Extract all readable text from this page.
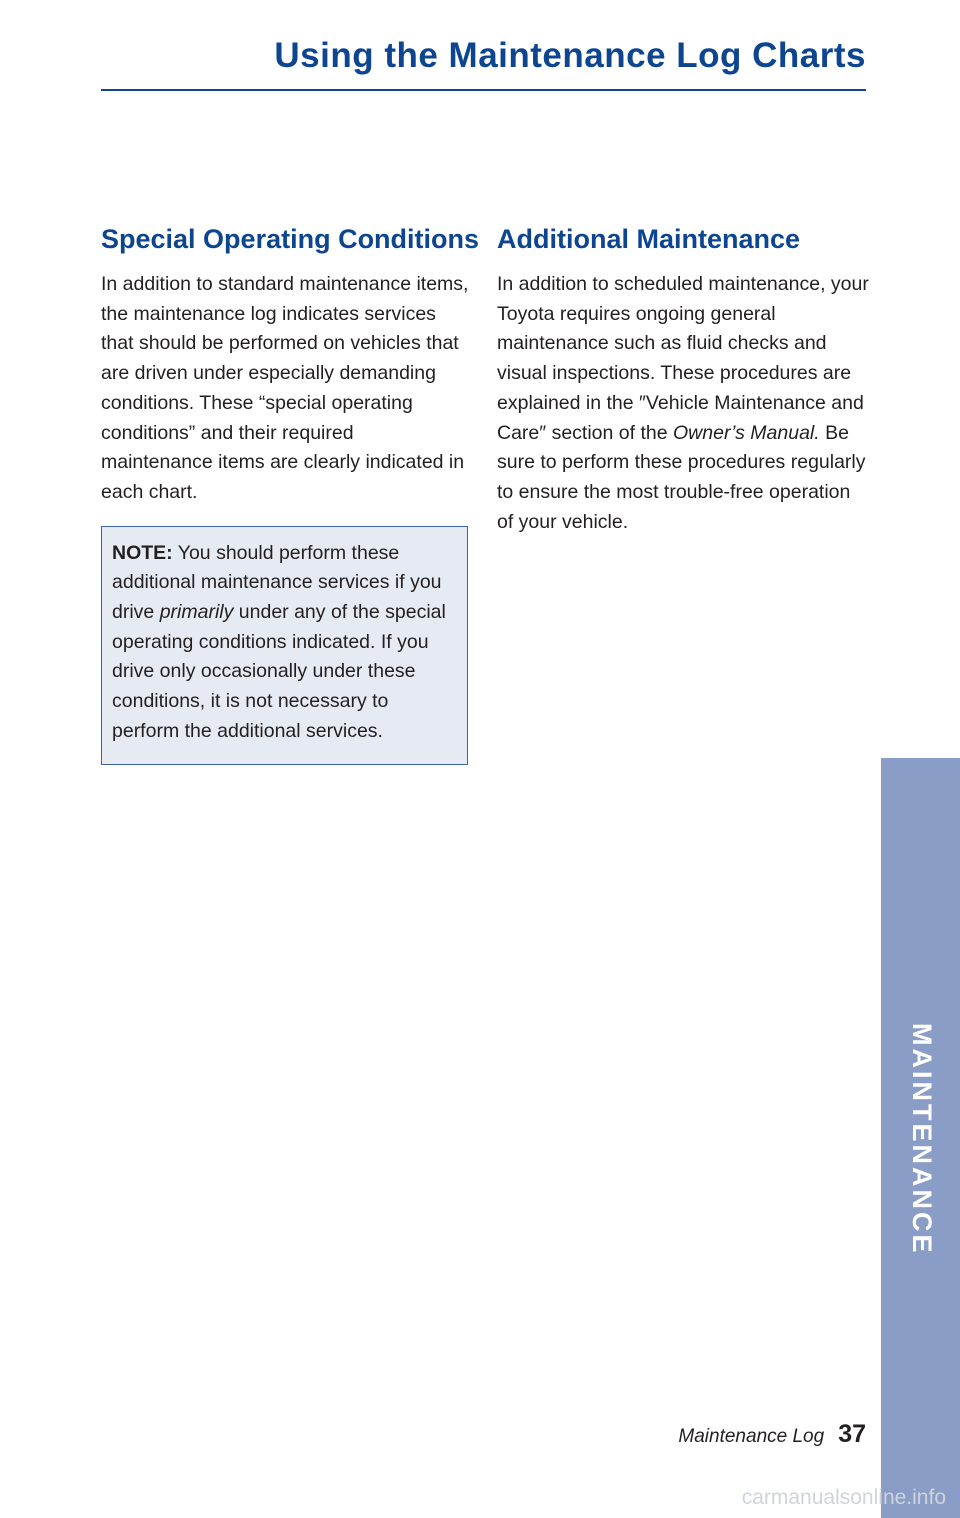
Using the Maintenance Log Charts
Special Operating Conditions

In addition to standard maintenance items, the maintenance log indicates services that should be performed on vehicles that are driven under especially demanding conditions. These “special operating conditions” and their required maintenance items are clearly indicated in each chart.

NOTE: You should perform these additional maintenance services if you drive primarily under any of the special operating conditions indicated. If you drive only occasionally under these conditions, it is not necessary to perform the additional services.

Additional Maintenance

In addition to scheduled maintenance, your Toyota requires ongoing general maintenance such as fluid checks and visual inspections. These procedures are explained in the ″Vehicle Maintenance and Care″ section of the Owner’s Manual. Be sure to perform these procedures regularly to ensure the most trouble-free operation of your vehicle.

MAINTENANCE
Maintenance Log 37
carmanualsonline.info
